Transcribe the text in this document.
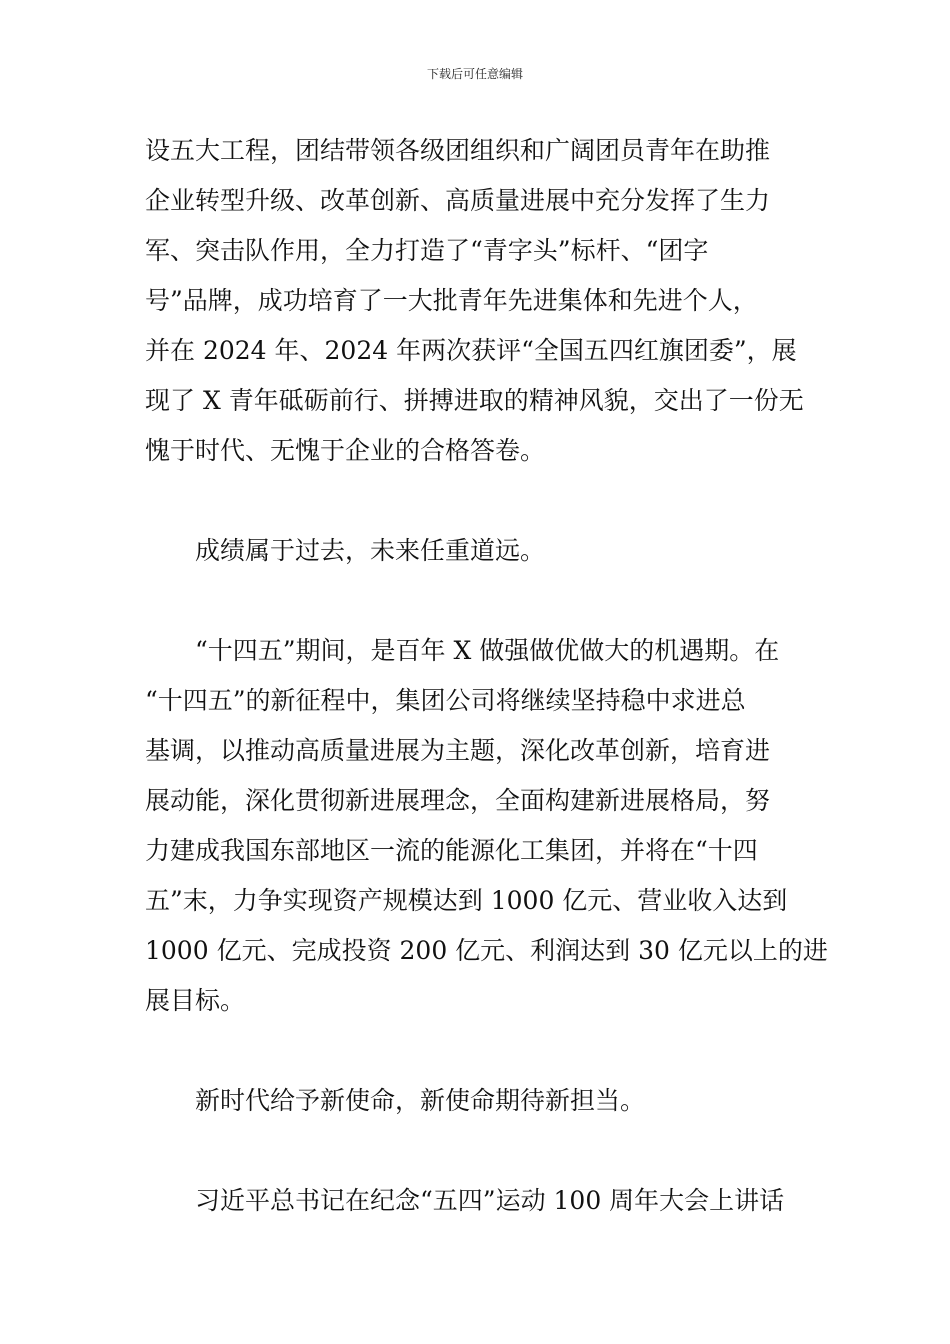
下载后可任意编辑

设五大工程，团结带领各级团组织和广阔团员青年在助推
企业转型升级、改革创新、高质量进展中充分发挥了生力
军、突击队作用，全力打造了“青字头”标杆、“团字
号”品牌，成功培育了一大批青年先进集体和先进个人，
并在 2024 年、2024 年两次获评“全国五四红旗团委”，展
现了 X 青年砥砺前行、拼搏进取的精神风貌，交出了一份无
愧于时代、无愧于企业的合格答卷。

　　成绩属于过去，未来任重道远。

　　“十四五”期间，是百年 X 做强做优做大的机遇期。在
“十四五”的新征程中，集团公司将继续坚持稳中求进总
基调，以推动高质量进展为主题，深化改革创新，培育进
展动能，深化贯彻新进展理念，全面构建新进展格局，努
力建成我国东部地区一流的能源化工集团，并将在“十四
五”末，力争实现资产规模达到 1000 亿元、营业收入达到
1000 亿元、完成投资 200 亿元、利润达到 30 亿元以上的进
展目标。

　　新时代给予新使命，新使命期待新担当。

　　习近平总书记在纪念“五四”运动 100 周年大会上讲话
